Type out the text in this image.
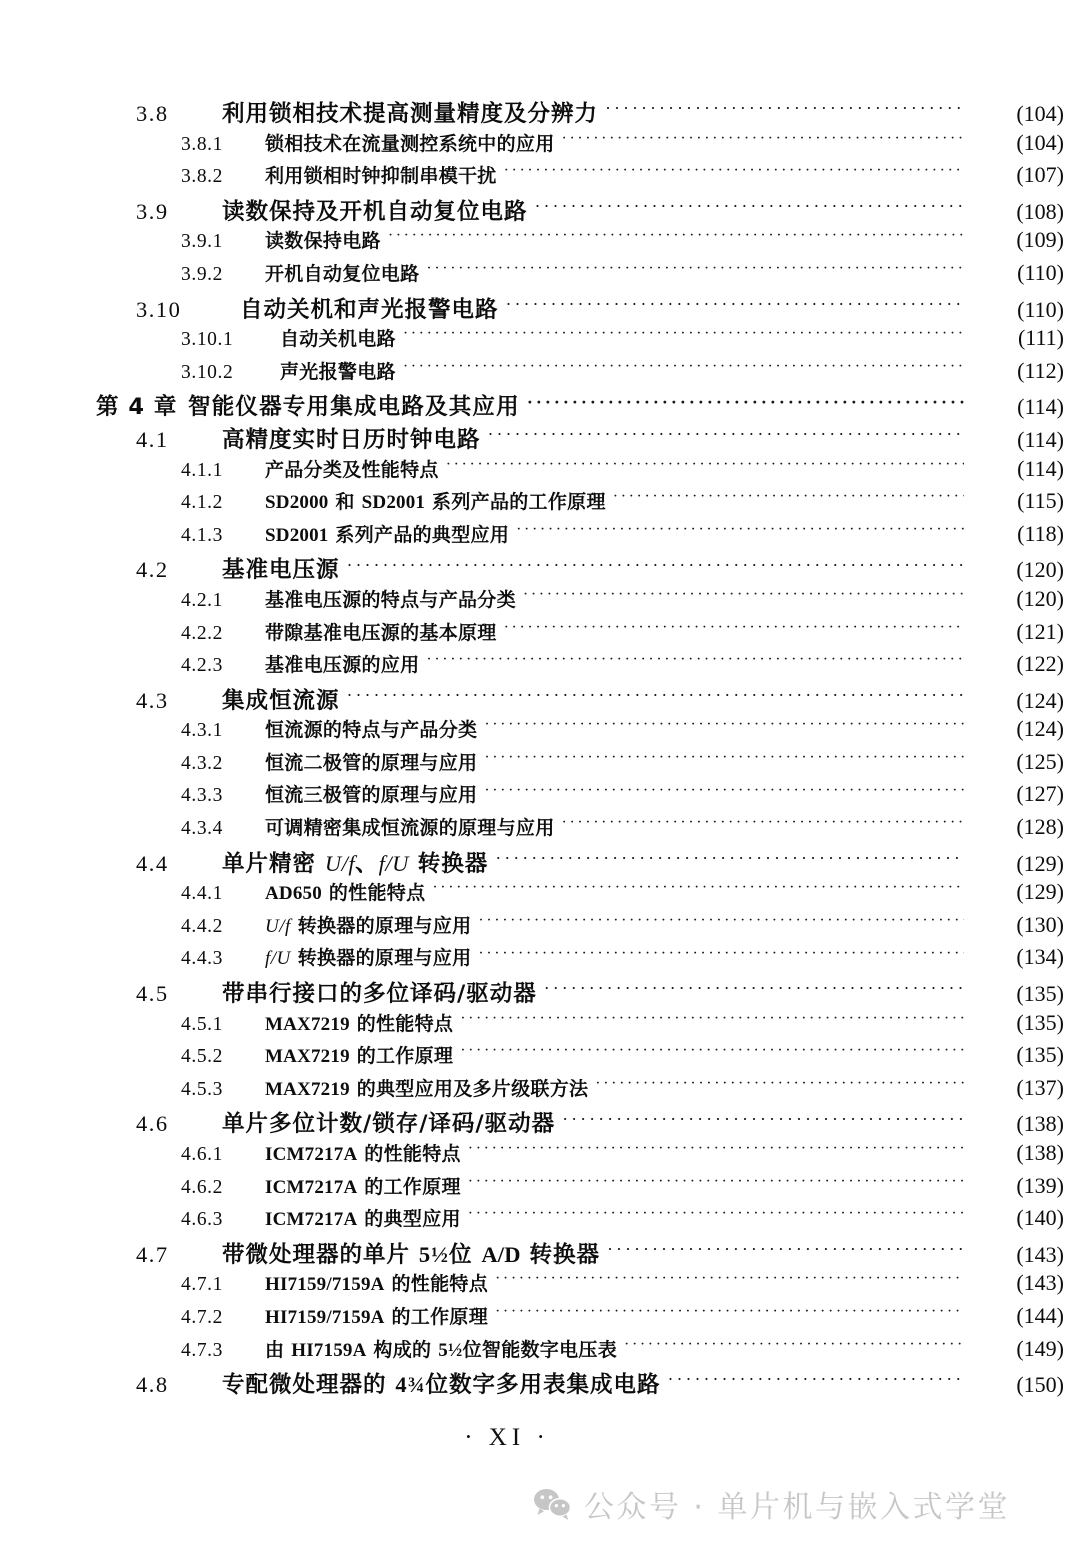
3.8	利用锁相技术提高测量精度及分辨力 ·····	(104)
3.8.1	锁相技术在流量测控系统中的应用 ·····	(104)
3.8.2	利用锁相时钟抑制串模干扰 ·····	(107)
3.9	读数保持及开机自动复位电路 ·····	(108)
3.9.1	读数保持电路 ·····	(109)
3.9.2	开机自动复位电路 ·····	(110)
3.10	自动关机和声光报警电路 ·····	(110)
3.10.1	自动关机电路 ·····	(111)
3.10.2	声光报警电路 ·····	(112)
第 4 章 智能仪器专用集成电路及其应用 ·····	(114)
4.1	高精度实时日历时钟电路 ·····	(114)
4.1.1	产品分类及性能特点 ·····	(114)
4.1.2	SD2000 和 SD2001 系列产品的工作原理 ·····	(115)
4.1.3	SD2001 系列产品的典型应用 ·····	(118)
4.2	基准电压源 ·····	(120)
4.2.1	基准电压源的特点与产品分类 ·····	(120)
4.2.2	带隙基准电压源的基本原理 ·····	(121)
4.2.3	基准电压源的应用 ·····	(122)
4.3	集成恒流源 ·····	(124)
4.3.1	恒流源的特点与产品分类 ·····	(124)
4.3.2	恒流二极管的原理与应用 ·····	(125)
4.3.3	恒流三极管的原理与应用 ·····	(127)
4.3.4	可调精密集成恒流源的原理与应用 ·····	(128)
4.4	单片精密 U/f、f/U 转换器 ·····	(129)
4.4.1	AD650 的性能特点 ·····	(129)
4.4.2	U/f 转换器的原理与应用 ·····	(130)
4.4.3	f/U 转换器的原理与应用 ·····	(134)
4.5	带串行接口的多位译码/驱动器 ·····	(135)
4.5.1	MAX7219 的性能特点 ·····	(135)
4.5.2	MAX7219 的工作原理 ·····	(135)
4.5.3	MAX7219 的典型应用及多片级联方法 ·····	(137)
4.6	单片多位计数/锁存/译码/驱动器 ·····	(138)
4.6.1	ICM7217A 的性能特点 ·····	(138)
4.6.2	ICM7217A 的工作原理 ·····	(139)
4.6.3	ICM7217A 的典型应用 ·····	(140)
4.7	带微处理器的单片 5½位 A/D 转换器 ·····	(143)
4.7.1	HI7159/7159A 的性能特点 ·····	(143)
4.7.2	HI7159/7159A 的工作原理 ·····	(144)
4.7.3	由 HI7159A 构成的 5½位智能数字电压表 ·····	(149)
4.8	专配微处理器的 4¾位数字多用表集成电路 ·····	(150)
· XI ·
公众号 · 单片机与嵌入式学堂
